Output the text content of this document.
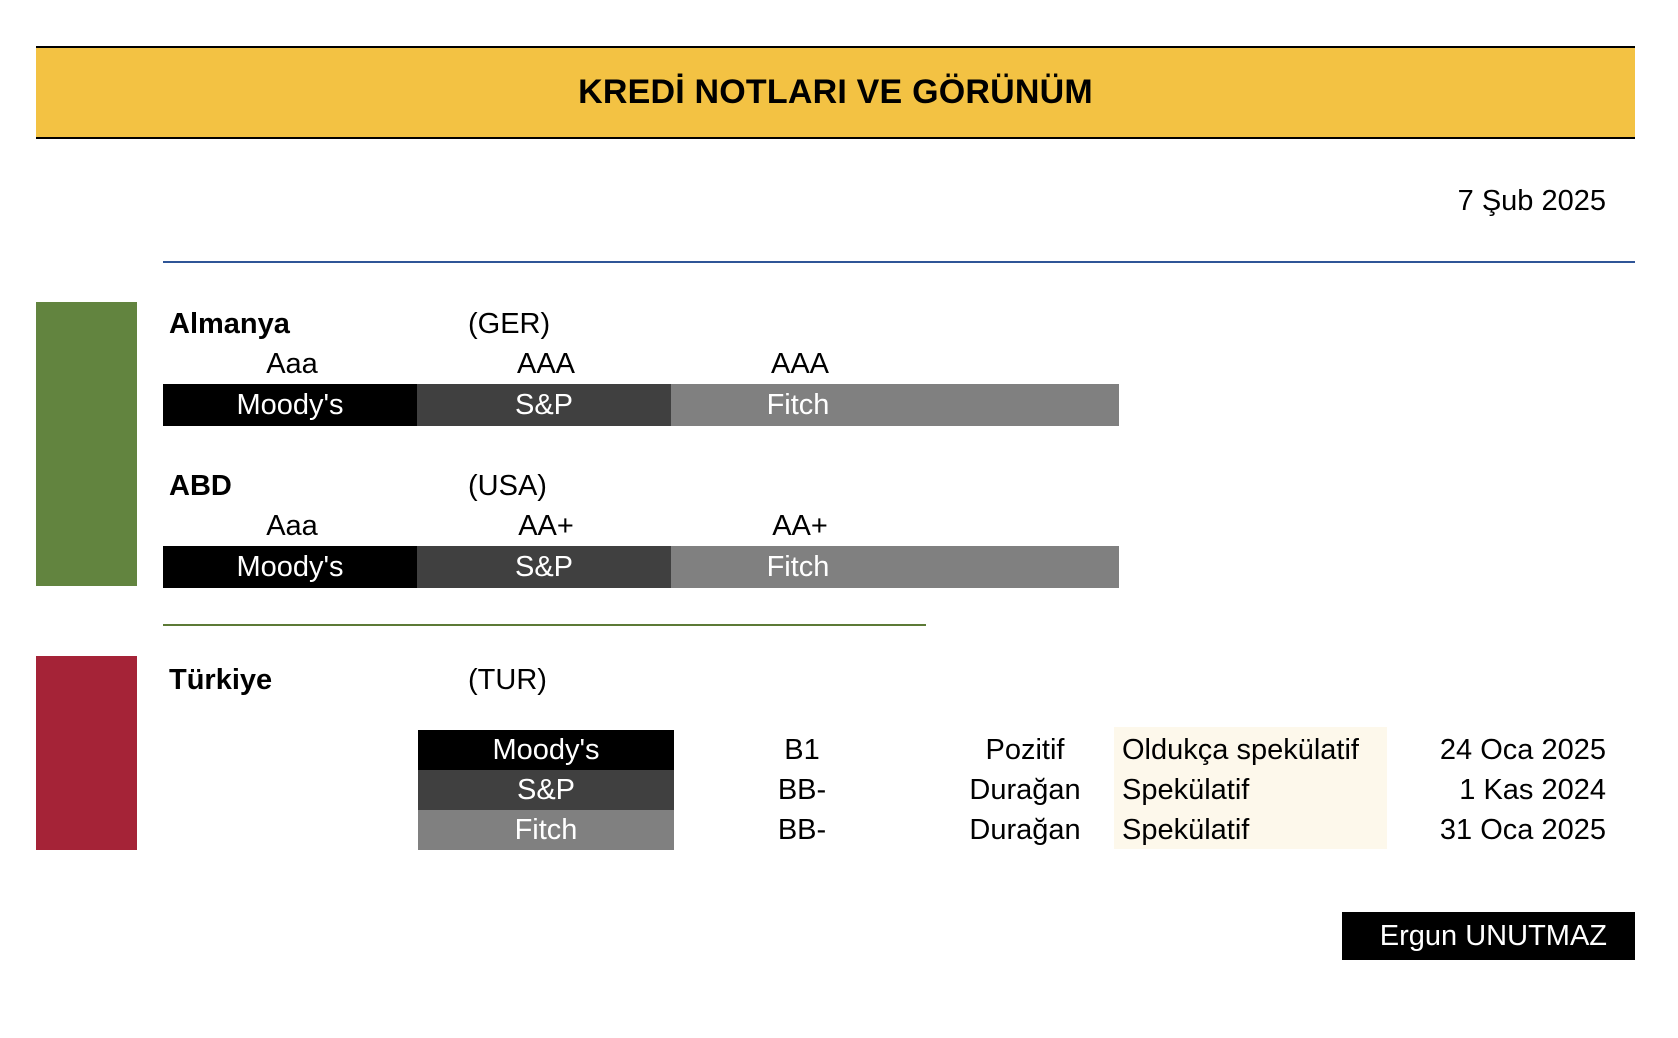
KREDİ NOTLARI VE GÖRÜNÜM
7 Şub 2025
Almanya	(GER)
Aaa	AAA	AAA
Moody's	S&P	Fitch
ABD	(USA)
Aaa	AA+	AA+
Moody's	S&P	Fitch
Türkiye	(TUR)
Moody's	B1	Pozitif	Oldukça spekülatif	24 Oca 2025
S&P	BB-	Durağan	Spekülatif	1 Kas 2024
Fitch	BB-	Durağan	Spekülatif	31 Oca 2025
Ergun UNUTMAZ
